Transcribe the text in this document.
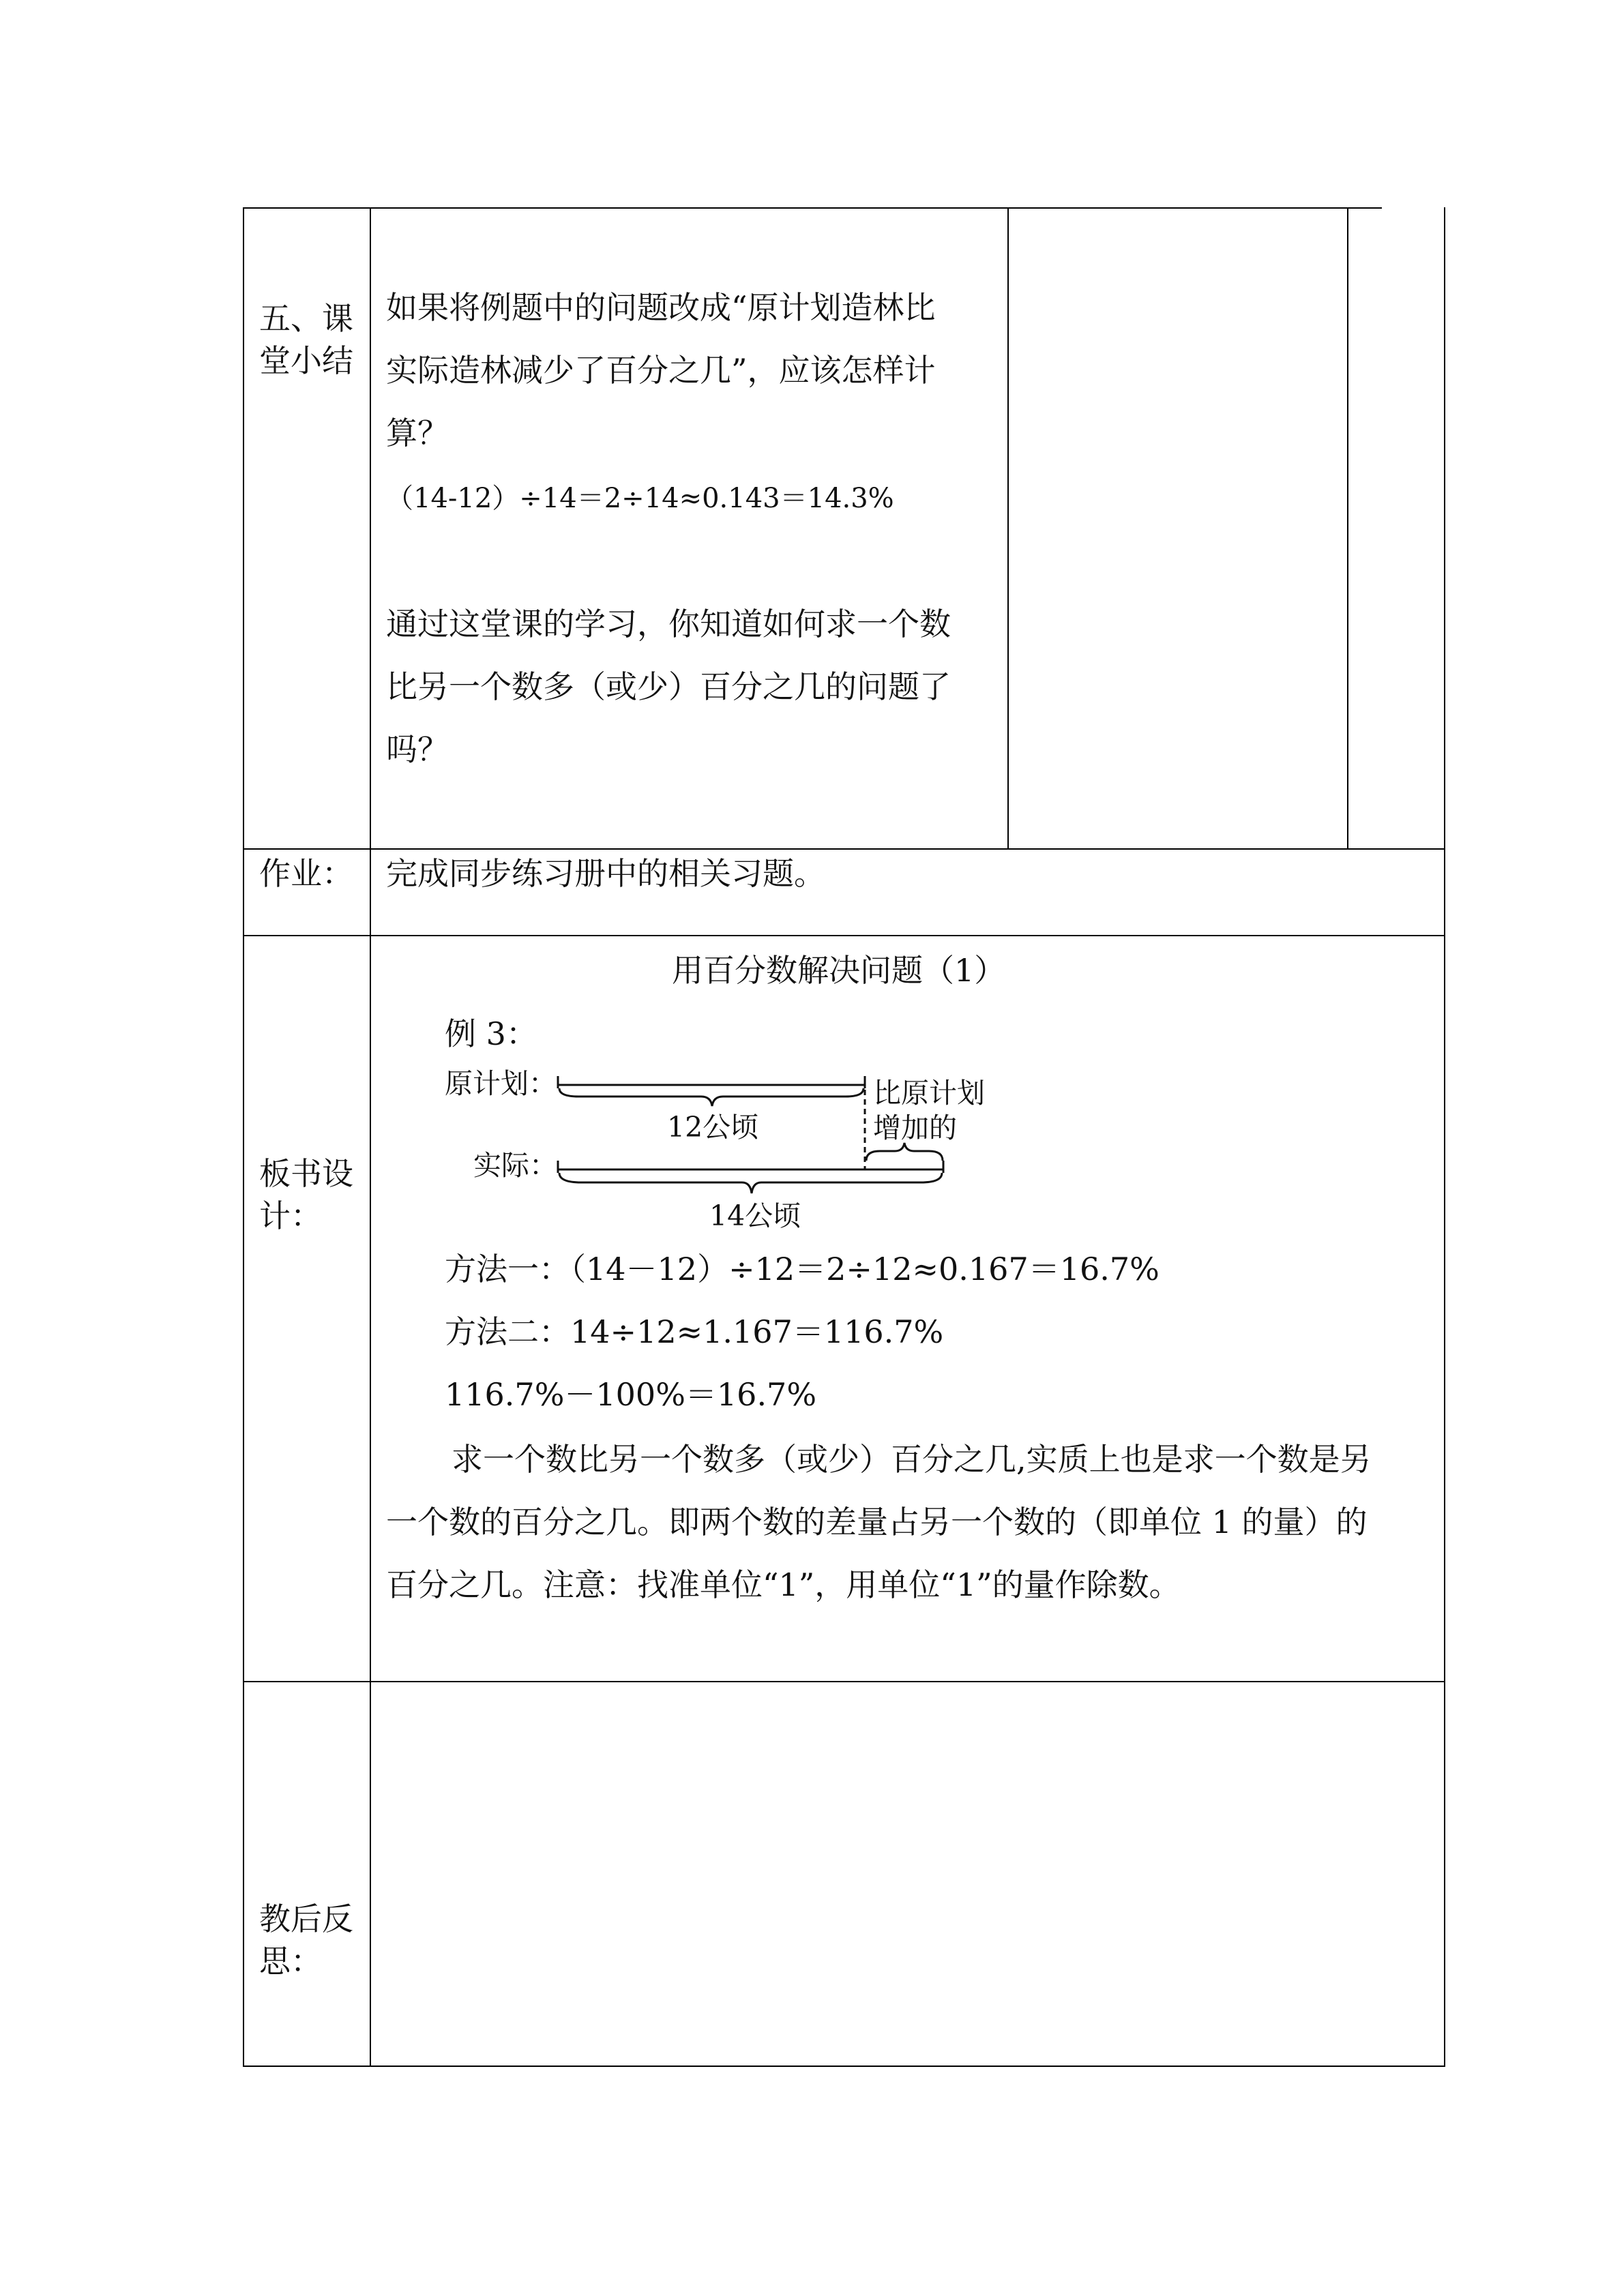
五、课堂小结
如果将例题中的问题改成“原计划造林比
实际造林减少了百分之几”，应该怎样计
算？
（14-12）÷14＝2÷14≈0.143＝14.3%
通过这堂课的学习，你知道如何求一个数
比另一个数多（或少）百分之几的问题了
吗？
作业： 完成同步练习册中的相关习题。
板书设计：
用百分数解决问题（1）
例 3：
原计划：
12公顷
实际：
14公顷
比原计划
增加的
方法一：（14－12）÷12＝2÷12≈0.167＝16.7%
方法二：14÷12≈1.167＝116.7%
116.7%－100%＝16.7%
求一个数比另一个数多（或少）百分之几,实质上也是求一个数是另
一个数的百分之几。即两个数的差量占另一个数的（即单位 1 的量）的
百分之几。注意：找准单位“1”，用单位“1”的量作除数。
教后反思：
